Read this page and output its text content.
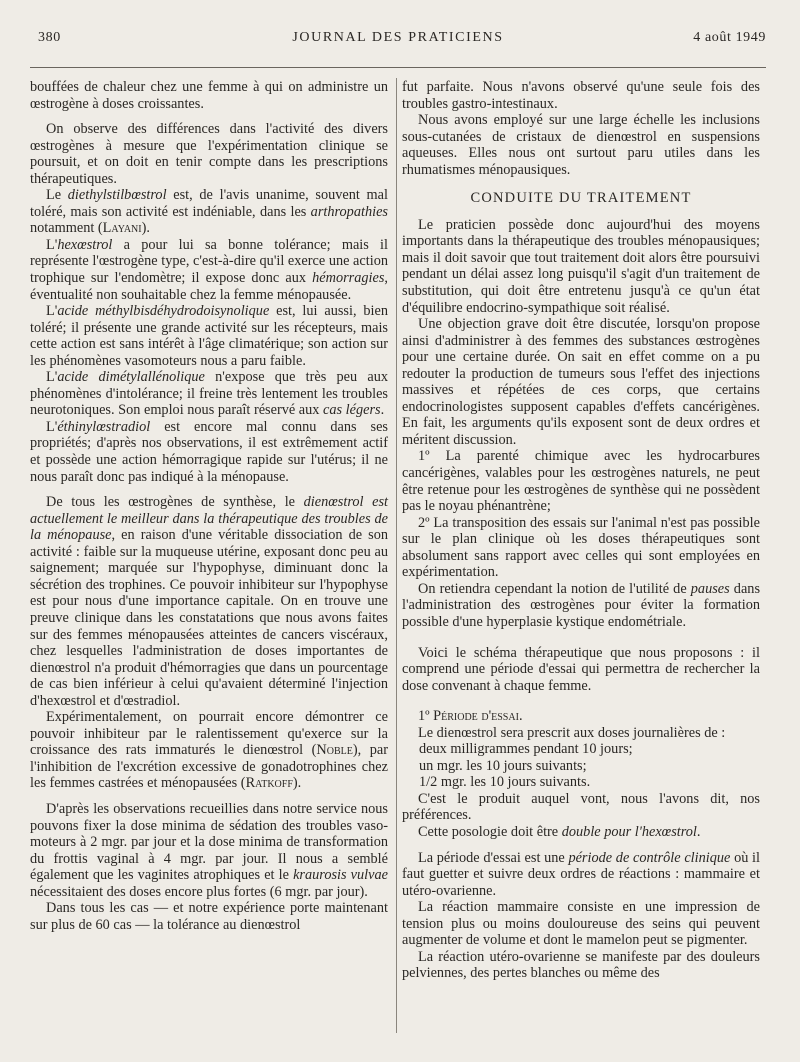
380	JOURNAL DES PRATICIENS	4 août 1949

bouffées de chaleur chez une femme à qui on administre un œstrogène à doses croissantes.

On observe des différences dans l'activité des divers œstrogènes à mesure que l'expérimentation clinique se poursuit, et on doit en tenir compte dans les prescriptions thérapeutiques.

Le diethylstilbœstrol est, de l'avis unanime, souvent mal toléré, mais son activité est indéniable, dans les arthropathies notamment (Layani).

L'hexœstrol a pour lui sa bonne tolérance; mais il représente l'œstrogène type, c'est-à-dire qu'il exerce une action trophique sur l'endomètre; il expose donc aux hémorragies, éventualité non souhaitable chez la femme ménopausée.

L'acide méthylbisdéhydrodoisynolique est, lui aussi, bien toléré; il présente une grande activité sur les récepteurs, mais cette action est sans intérêt à l'âge climatérique; son action sur les phénomènes vasomoteurs nous a paru faible.

L'acide dimétylallénolique n'expose que très peu aux phénomènes d'intolérance; il freine très lentement les troubles neurotoniques. Son emploi nous paraît réservé aux cas légers.

L'éthinylœstradiol est encore mal connu dans ses propriétés; d'après nos observations, il est extrêmement actif et possède une action hémorragique rapide sur l'utérus; il ne nous paraît donc pas indiqué à la ménopause.

De tous les œstrogènes de synthèse, le dienœstrol est actuellement le meilleur dans la thérapeutique des troubles de la ménopause, en raison d'une véritable dissociation de son activité : faible sur la muqueuse utérine, exposant donc peu au saignement; marquée sur l'hypophyse, diminuant donc la sécrétion des trophines. Ce pouvoir inhibiteur sur l'hypophyse est pour nous d'une importance capitale. On en trouve une preuve clinique dans les constatations que nous avons faites sur des femmes ménopausées atteintes de cancers viscéraux, chez lesquelles l'administration de doses importantes de dienœstrol n'a produit d'hémorragies que dans un pourcentage de cas bien inférieur à celui qu'avaient déterminé l'injection d'hexœstrol et d'œstradiol.

Expérimentalement, on pourrait encore démontrer ce pouvoir inhibiteur par le ralentissement qu'exerce sur la croissance des rats immaturés le dienœstrol (Noble), par l'inhibition de l'excrétion excessive de gonadotrophines chez les femmes castrées et ménopausées (Ratkoff).

D'après les observations recueillies dans notre service nous pouvons fixer la dose minima de sédation des troubles vaso-moteurs à 2 mgr. par jour et la dose minima de transformation du frottis vaginal à 4 mgr. par jour. Il nous a semblé également que les vaginites atrophiques et le kraurosis vulvae nécessitaient des doses encore plus fortes (6 mgr. par jour).

Dans tous les cas — et notre expérience porte maintenant sur plus de 60 cas — la tolérance au dienœstrol

fut parfaite. Nous n'avons observé qu'une seule fois des troubles gastro-intestinaux.

Nous avons employé sur une large échelle les inclusions sous-cutanées de cristaux de dienœstrol en suspensions aqueuses. Elles nous ont surtout paru utiles dans les rhumatismes ménopausiques.

CONDUITE DU TRAITEMENT

Le praticien possède donc aujourd'hui des moyens importants dans la thérapeutique des troubles ménopausiques; mais il doit savoir que tout traitement doit alors être poursuivi pendant un délai assez long puisqu'il s'agit d'un traitement de substitution, qui doit être entretenu jusqu'à ce qu'un état d'équilibre endocrino-sympathique soit réalisé.

Une objection grave doit être discutée, lorsqu'on propose ainsi d'administrer à des femmes des substances œstrogènes pour une certaine durée. On sait en effet comme on a pu redouter la production de tumeurs sous l'effet des injections massives et répétées de ces corps, que certains endocrinologistes supposent capables d'effets cancérigènes. En fait, les arguments qu'ils exposent sont de deux ordres et méritent discussion.

1º La parenté chimique avec les hydrocarbures cancérigènes, valables pour les œstrogènes naturels, ne peut être retenue pour les œstrogènes de synthèse qui ne possèdent pas le noyau phénantrène;

2º La transposition des essais sur l'animal n'est pas possible sur le plan clinique où les doses thérapeutiques sont absolument sans rapport avec celles qui sont employées en expérimentation.

On retiendra cependant la notion de l'utilité de pauses dans l'administration des œstrogènes pour éviter la formation possible d'une hyperplasie kystique endométriale.

Voici le schéma thérapeutique que nous proposons : il comprend une période d'essai qui permettra de rechercher la dose convenant à chaque femme.

1º Période d'essai.

Le dienœstrol sera prescrit aux doses journalières de :

deux milligrammes pendant 10 jours;

un mgr. les 10 jours suivants;

1/2 mgr. les 10 jours suivants.

C'est le produit auquel vont, nous l'avons dit, nos préférences.

Cette posologie doit être double pour l'hexœstrol.

La période d'essai est une période de contrôle clinique où il faut guetter et suivre deux ordres de réactions : mammaire et utéro-ovarienne.

La réaction mammaire consiste en une impression de tension plus ou moins douloureuse des seins qui peuvent augmenter de volume et dont le mamelon peut se pigmenter.

La réaction utéro-ovarienne se manifeste par des douleurs pelviennes, des pertes blanches ou même des
